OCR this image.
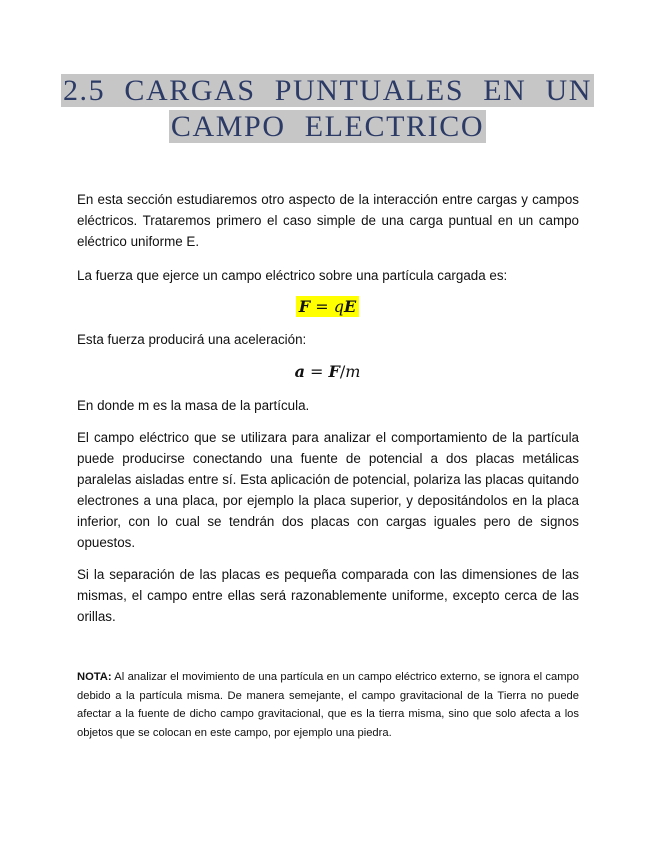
2.5 CARGAS PUNTUALES EN UN
CAMPO ELECTRICO

En esta sección estudiaremos otro aspecto de la interacción entre cargas y campos eléctricos. Trataremos primero el caso simple de una carga puntual en un campo eléctrico uniforme E.

La fuerza que ejerce un campo eléctrico sobre una partícula cargada es:

F = qE

Esta fuerza producirá una aceleración:

a = F/m

En donde m es la masa de la partícula.

El campo eléctrico que se utilizara para analizar el comportamiento de la partícula puede producirse conectando una fuente de potencial a dos placas metálicas paralelas aisladas entre sí. Esta aplicación de potencial, polariza las placas quitando electrones a una placa, por ejemplo la placa superior, y depositándolos en la placa inferior, con lo cual se tendrán dos placas con cargas iguales pero de signos opuestos.

Si la separación de las placas es pequeña comparada con las dimensiones de las mismas, el campo entre ellas será razonablemente uniforme, excepto cerca de las orillas.

NOTA: Al analizar el movimiento de una partícula en un campo eléctrico externo, se ignora el campo debido a la partícula misma. De manera semejante, el campo gravitacional de la Tierra no puede afectar a la fuente de dicho campo gravitacional, que es la tierra misma, sino que solo afecta a los objetos que se colocan en este campo, por ejemplo una piedra.
